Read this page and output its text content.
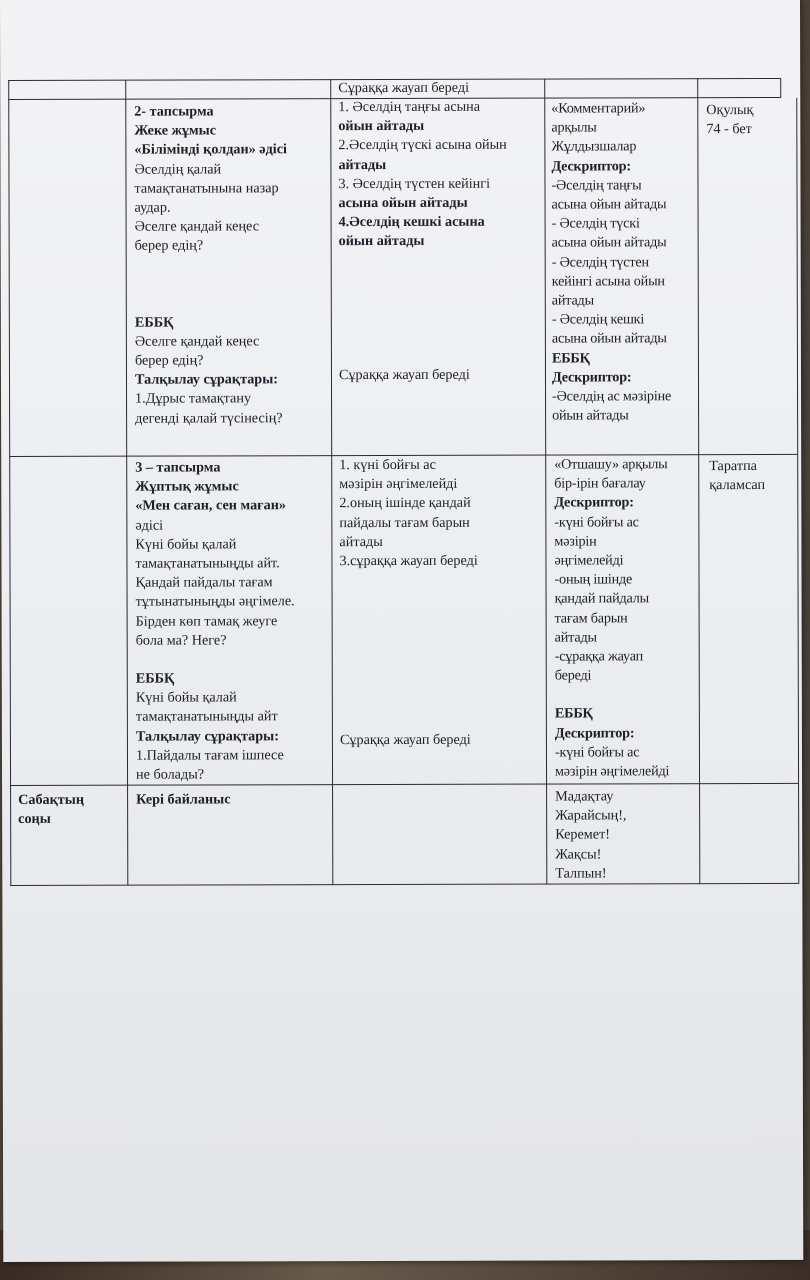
Сұраққа жауап береді
2- тапсырма
Жеке жұмыс
«Білімінді қолдан» әдісі
Әселдің қалай
тамақтанатынына назар
аудар.
Әселге қандай кеңес
берер едің?
ЕББҚ
Әселге қандай кеңес
берер едің?
Талқылау сұрақтары:
1.Дұрыс тамақтану
дегенді қалай түсінесің?
1. Әселдің таңғы асына
ойын айтады
2.Әселдің түскі асына ойын
айтады
3. Әселдің түстен кейінгі
асына ойын айтады
4.Әселдің кешкі асына
ойын айтады
Сұраққа жауап береді
«Комментарий»
арқылы
Жұлдызшалар
Дескриптор:
-Әселдің таңғы
асына ойын айтады
- Әселдің түскі
асына ойын айтады
- Әселдің түстен
кейінгі асына ойын
айтады
- Әселдің кешкі
асына ойын айтады
ЕББҚ
Дескриптор:
-Әселдің ас мәзіріне
ойын айтады
Оқулық
74 - бет
3 – тапсырма
Жұптық жұмыс
«Мен саған, сен маған»
әдісі
Күні бойы қалай
тамақтанатыныңды айт.
Қандай пайдалы тағам
тұтынатыныңды әңгімеле.
Бірден көп тамақ жеуге
бола ма? Неге?
ЕББҚ
Күні бойы қалай
тамақтанатыныңды айт
Талқылау сұрақтары:
1.Пайдалы тағам ішпесе
не болады?
1. күні бойғы ас
мәзірін әңгімелейді
2.оның ішінде қандай
пайдалы тағам барын
айтады
3.сұраққа жауап береді
Сұраққа жауап береді
«Отшашу» арқылы
бір-ірін бағалау
Дескриптор:
-күні бойғы ас
мәзірін
әңгімелейді
-оның ішінде
қандай пайдалы
тағам барын
айтады
-сұраққа жауап
береді
ЕББҚ
Дескриптор:
-күні бойғы ас
мәзірін әңгімелейді
Таратпа
қаламсап
Сабақтың
соңы
Кері байланыс	Мадақтау
Жарайсың!,
Керемет!
Жақсы!
Талпын!
